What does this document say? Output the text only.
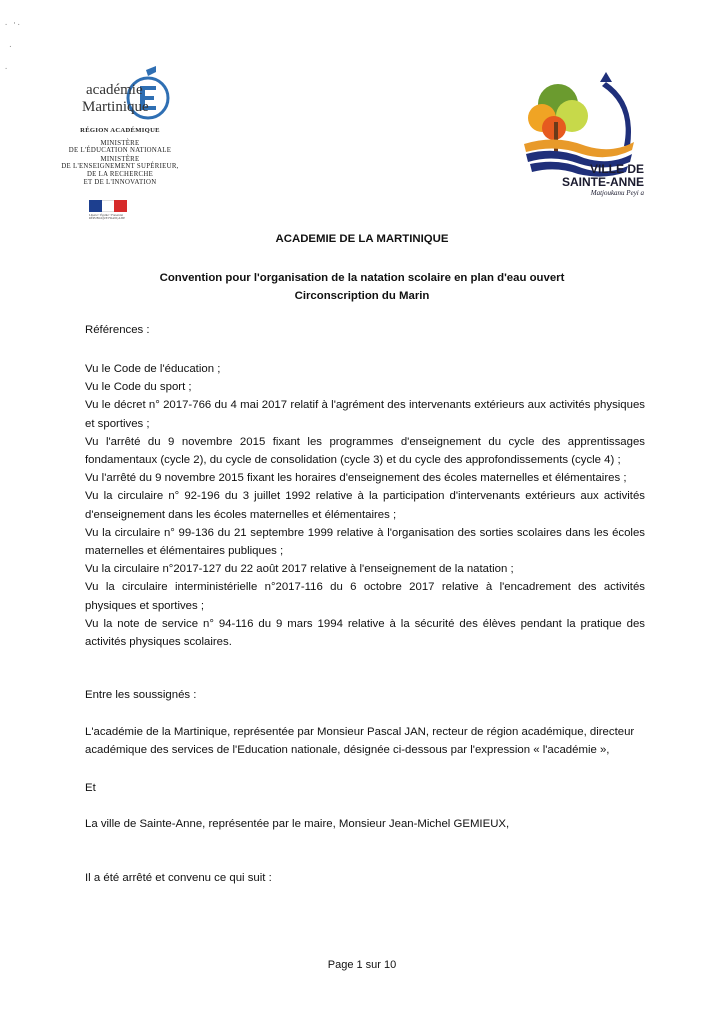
· '·
·
·
académie
Martinique
RÉGION ACADÉMIQUE
MINISTÈRE
DE L'ÉDUCATION NATIONALE
MINISTÈRE
DE L'ENSEIGNEMENT SUPÉRIEUR,
DE LA RECHERCHE
ET DE L'INNOVATION
Liberté • Égalité • Fraternité RÉPUBLIQUE FRANÇAISE
VILLE DE
SAINTE-ANNE
Matjoukanu Peyi a
ACADEMIE DE LA MARTINIQUE
Convention pour l'organisation de la natation scolaire en plan d'eau ouvert
Circonscription du Marin
Références :

Vu le Code de l'éducation ;

Vu le Code du sport ;

Vu le décret n° 2017-766 du 4 mai 2017 relatif à l'agrément des intervenants extérieurs aux activités physiques et sportives ;

Vu l'arrêté du 9 novembre 2015 fixant les programmes d'enseignement du cycle des apprentissages fondamentaux (cycle 2), du cycle de consolidation (cycle 3) et du cycle des approfondissements (cycle 4) ;

Vu l'arrêté du 9 novembre 2015 fixant les horaires d'enseignement des écoles maternelles et élémentaires ;

Vu la circulaire n° 92-196 du 3 juillet 1992 relative à la participation d'intervenants extérieurs aux activités d'enseignement dans les écoles maternelles et élémentaires ;

Vu la circulaire n° 99-136 du 21 septembre 1999 relative à l'organisation des sorties scolaires dans les écoles maternelles et élémentaires publiques ;

Vu la circulaire n°2017-127 du 22 août 2017 relative à l'enseignement de la natation ;

Vu la circulaire interministérielle n°2017-116 du 6 octobre 2017 relative à l'encadrement des activités physiques et sportives ;

Vu la note de service n° 94-116 du 9 mars 1994 relative à la sécurité des élèves pendant la pratique des activités physiques scolaires.

Entre les soussignés :
L'académie de la Martinique, représentée par Monsieur Pascal JAN, recteur de région académique, directeur académique des services de l'Education nationale, désignée ci-dessous par l'expression « l'académie »,
Et
La ville de Sainte-Anne, représentée par le maire, Monsieur Jean-Michel GEMIEUX,
Il a été arrêté et convenu ce qui suit :
Page 1 sur 10
